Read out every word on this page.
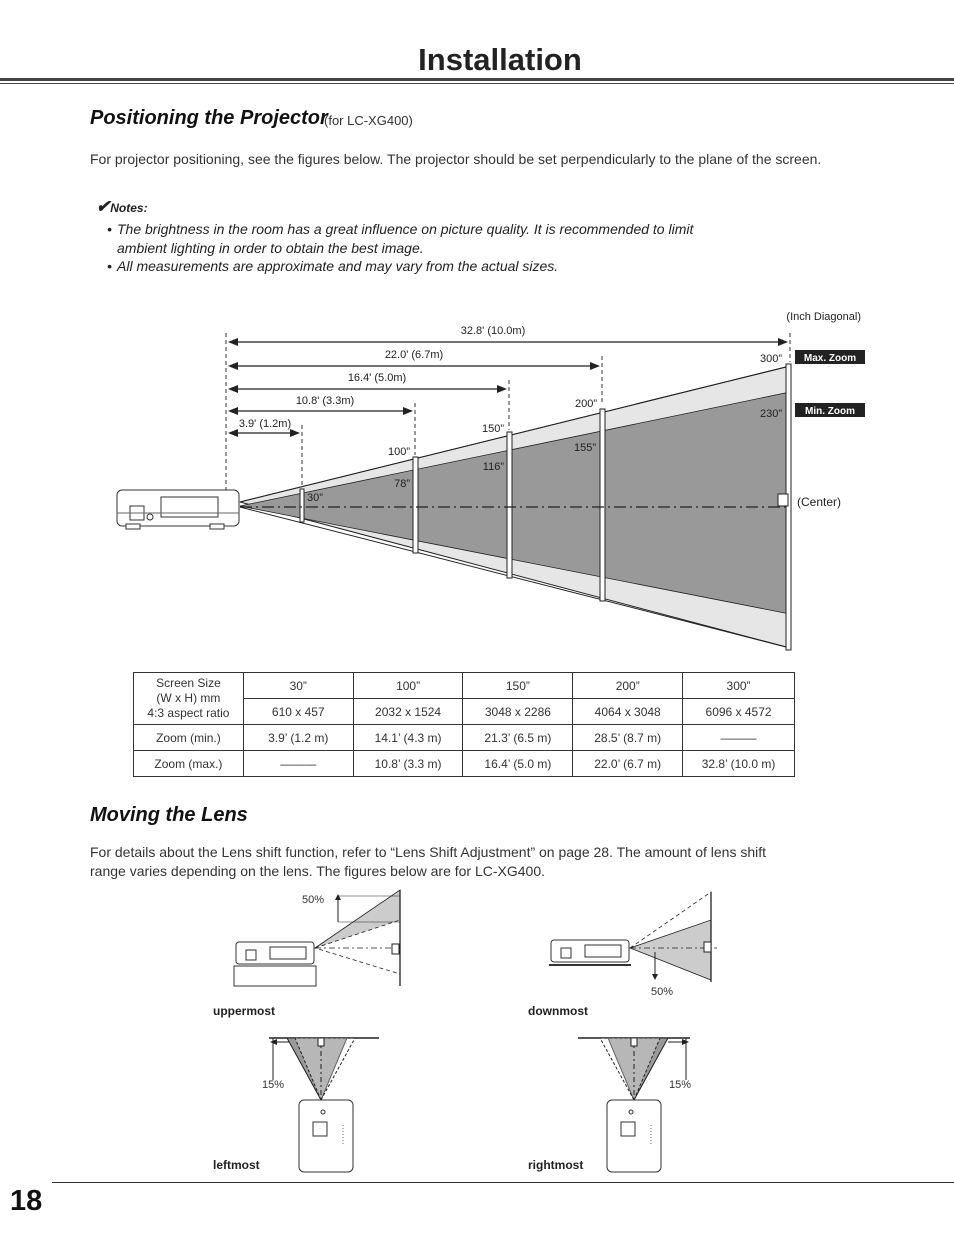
Installation
Positioning the Projector
(for LC-XG400)
For projector positioning, see the figures below. The projector should be set perpendicularly to the plane of the screen.
✔Notes:
• The brightness in the room has a great influence on picture quality. It is recommended to limit
ambient lighting in order to obtain the best image.
• All measurements are approximate and may vary from the actual sizes.
32.8' (10.0m)
22.0' (6.7m)
16.4' (5.0m)
10.8' (3.3m)
3.9' (1.2m)
(Inch Diagonal)
300”
200”
150”
100”
230”
155”
116”
78”
30”
Max. Zoom
Min. Zoom
(Center)
Screen Size
(W x H) mm
4:3 aspect ratio	30”	100”	150”	200”	300”
	610 x 457	2032 x 1524	3048 x 2286	4064 x 3048	6096 x 4572
Zoom (min.)	3.9’ (1.2 m)	14.1’ (4.3 m)	21.3’ (6.5 m)	28.5’ (8.7 m)	———
Zoom (max.)	———	10.8’ (3.3 m)	16.4’ (5.0 m)	22.0’ (6.7 m)	32.8’ (10.0 m)
Moving the Lens
For details about the Lens shift function, refer to “Lens Shift Adjustment” on page 28. The amount of lens shift
range varies depending on the lens. The figures below are for LC-XG400.
50%
50%
uppermost	downmost
15%	15%
leftmost	rightmost
18
